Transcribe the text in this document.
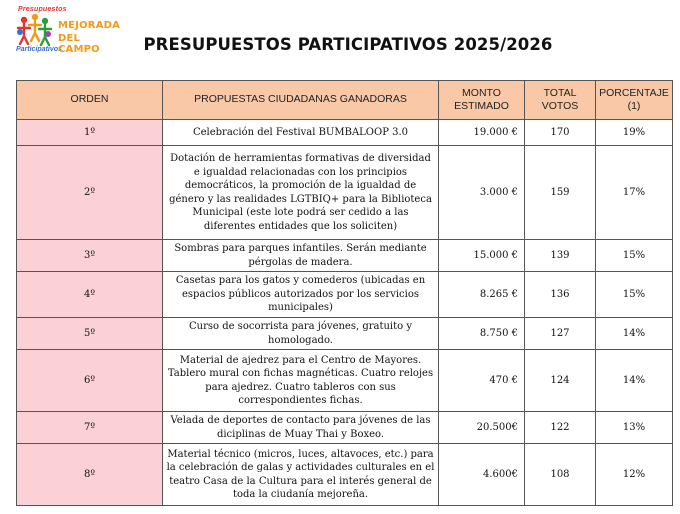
Presupuestos
Participativos
MEJORADA
DEL CAMPO	PRESUPUESTOS PARTICIPATIVOS 2025/2026
ORDEN	PROPUESTAS CIUDADANAS GANADORAS	MONTO ESTIMADO	TOTAL VOTOS	PORCENTAJE (1)
1º	Celebración del Festival BUMBALOOP 3.0	19.000 €	170	19%
2º	Dotación de herramientas formativas de diversidad e igualdad relacionadas con los principios democráticos, la promoción de la igualdad de género y las realidades LGTBIQ+ para la Biblioteca Municipal (este lote podrá ser cedido a las diferentes entidades que los soliciten)	3.000 €	159	17%
3º	Sombras para parques infantiles. Serán mediante pérgolas de madera.	15.000 €	139	15%
4º	Casetas para los gatos y comederos (ubicadas en espacios públicos autorizados por los servicios municipales)	8.265 €	136	15%
5º	Curso de socorrista para jóvenes, gratuito y homologado.	8.750 €	127	14%
6º	Material de ajedrez para el Centro de Mayores. Tablero mural con fichas magnéticas. Cuatro relojes para ajedrez. Cuatro tableros con sus correspondientes fichas.	470 €	124	14%
7º	Velada de deportes de contacto para jóvenes de las diciplinas de Muay Thai y Boxeo.	20.500€	122	13%
8º	Material técnico (micros, luces, altavoces, etc.) para la celebración de galas y actividades culturales en el teatro Casa de la Cultura para el interés general de toda la ciudanía mejoreña.	4.600€	108	12%
